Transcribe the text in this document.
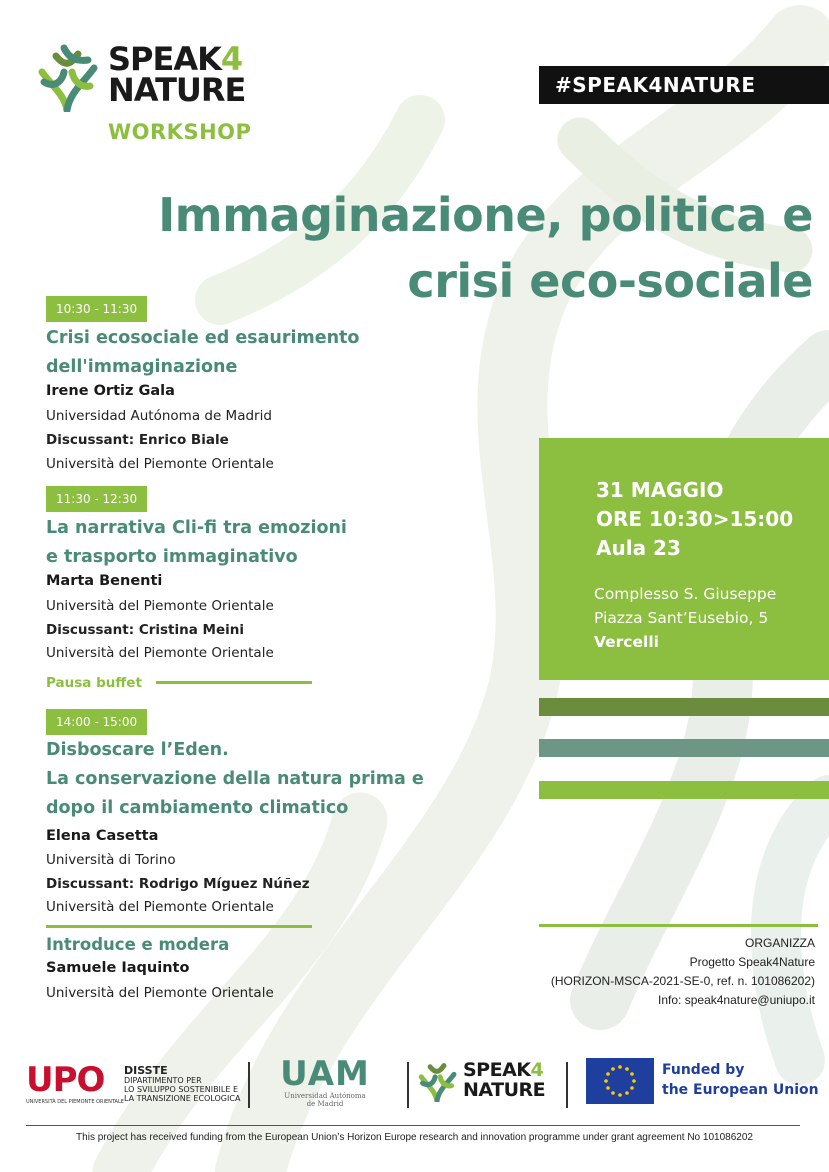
SPEAK4
NATURE
WORKSHOP
#SPEAK4NATURE
Immaginazione, politica e
crisi eco-sociale
10:30 - 11:30
Crisi ecosociale ed esaurimento
dell'immaginazione
Irene Ortiz Gala
Universidad Autónoma de Madrid
Discussant: Enrico Biale
Università del Piemonte Orientale
11:30 - 12:30
La narrativa Cli-fi tra emozioni
e trasporto immaginativo
Marta Benenti
Università del Piemonte Orientale
Discussant: Cristina Meini
Università del Piemonte Orientale
Pausa buffet
14:00 - 15:00
Disboscare l’Eden.
La conservazione della natura prima e
dopo il cambiamento climatico
Elena Casetta
Università di Torino
Discussant: Rodrigo Míguez Núñez
Università del Piemonte Orientale
Introduce e modera
Samuele Iaquinto
Università del Piemonte Orientale
31 MAGGIO
ORE 10:30>15:00
Aula 23
Complesso S. Giuseppe
Piazza Sant’Eusebio, 5
Vercelli
ORGANIZZA
Progetto Speak4Nature
(HORIZON-MSCA-2021-SE-0, ref. n. 101086202)
Info: speak4nature@uniupo.it
UPO
UNIVERSITÀ DEL PIEMONTE ORIENTALE
DISSTE
DIPARTIMENTO PER
LO SVILUPPO SOSTENIBILE E
LA TRANSIZIONE ECOLOGICA
UAM
Universidad Autónoma
de Madrid
SPEAK4
NATURE
Funded by
the European Union
This project has received funding from the European Union’s Horizon Europe research and innovation programme under grant agreement No 101086202
